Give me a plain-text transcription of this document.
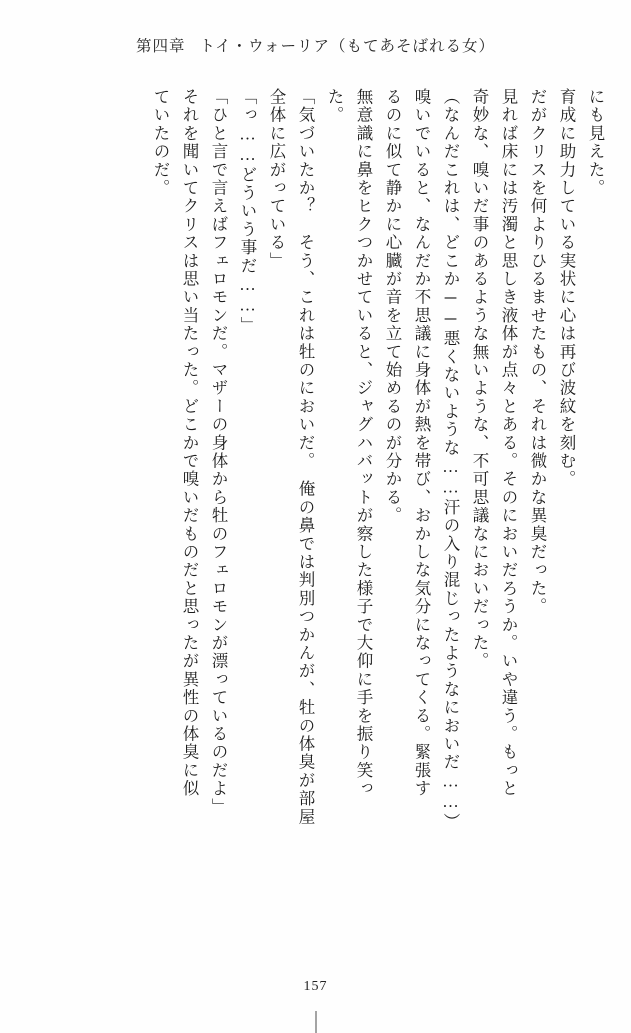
第四章 トイ・ウォーリア（もてあそばれる女）
にも見えた。
育成に助力している実状に心は再び波紋を刻む。
だがクリスを何よりひるませたもの、それは微かな異臭だった。
見れば床には汚濁と思しき液体が点々とある。そのにおいだろうか。いや違う。もっと
奇妙な、嗅いだ事のあるような無いような、不可思議なにおいだった。
（なんだこれは、どこか──悪くないような……汗の入り混じったようなにおいだ……）
嗅いでいると、なんだか不思議に身体が熱を帯び、おかしな気分になってくる。緊張す
るのに似て静かに心臓が音を立て始めるのが分かる。
無意識に鼻をヒクつかせていると、ジャグハバットが察した様子で大仰に手を振り笑っ
た。
「気づいたか？　そう、これは牡のにおいだ。　俺の鼻では判別つかんが、牡の体臭が部屋
全体に広がっている」
「っ……どういう事だ……」
「ひと言で言えばフェロモンだ。マザーの身体から牡のフェロモンが漂っているのだよ」
それを聞いてクリスは思い当たった。どこかで嗅いだものだと思ったが異性の体臭に似
ていたのだ。
157
